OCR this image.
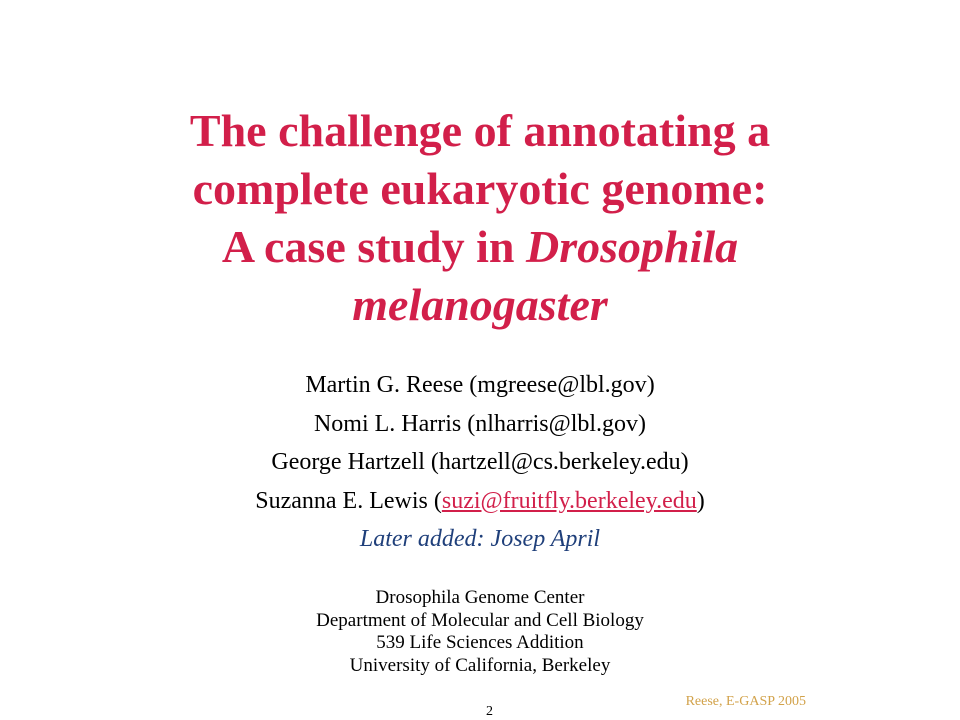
The challenge of annotating a
complete eukaryotic genome:
A case study in Drosophila
melanogaster
Martin G. Reese (mgreese@lbl.gov)
Nomi L. Harris (nlharris@lbl.gov)
George Hartzell (hartzell@cs.berkeley.edu)
Suzanna E. Lewis (suzi@fruitfly.berkeley.edu)
Later added: Josep April
Drosophila Genome Center
Department of Molecular and Cell Biology
539 Life Sciences Addition
University of California, Berkeley
2
Reese, E-GASP 2005
